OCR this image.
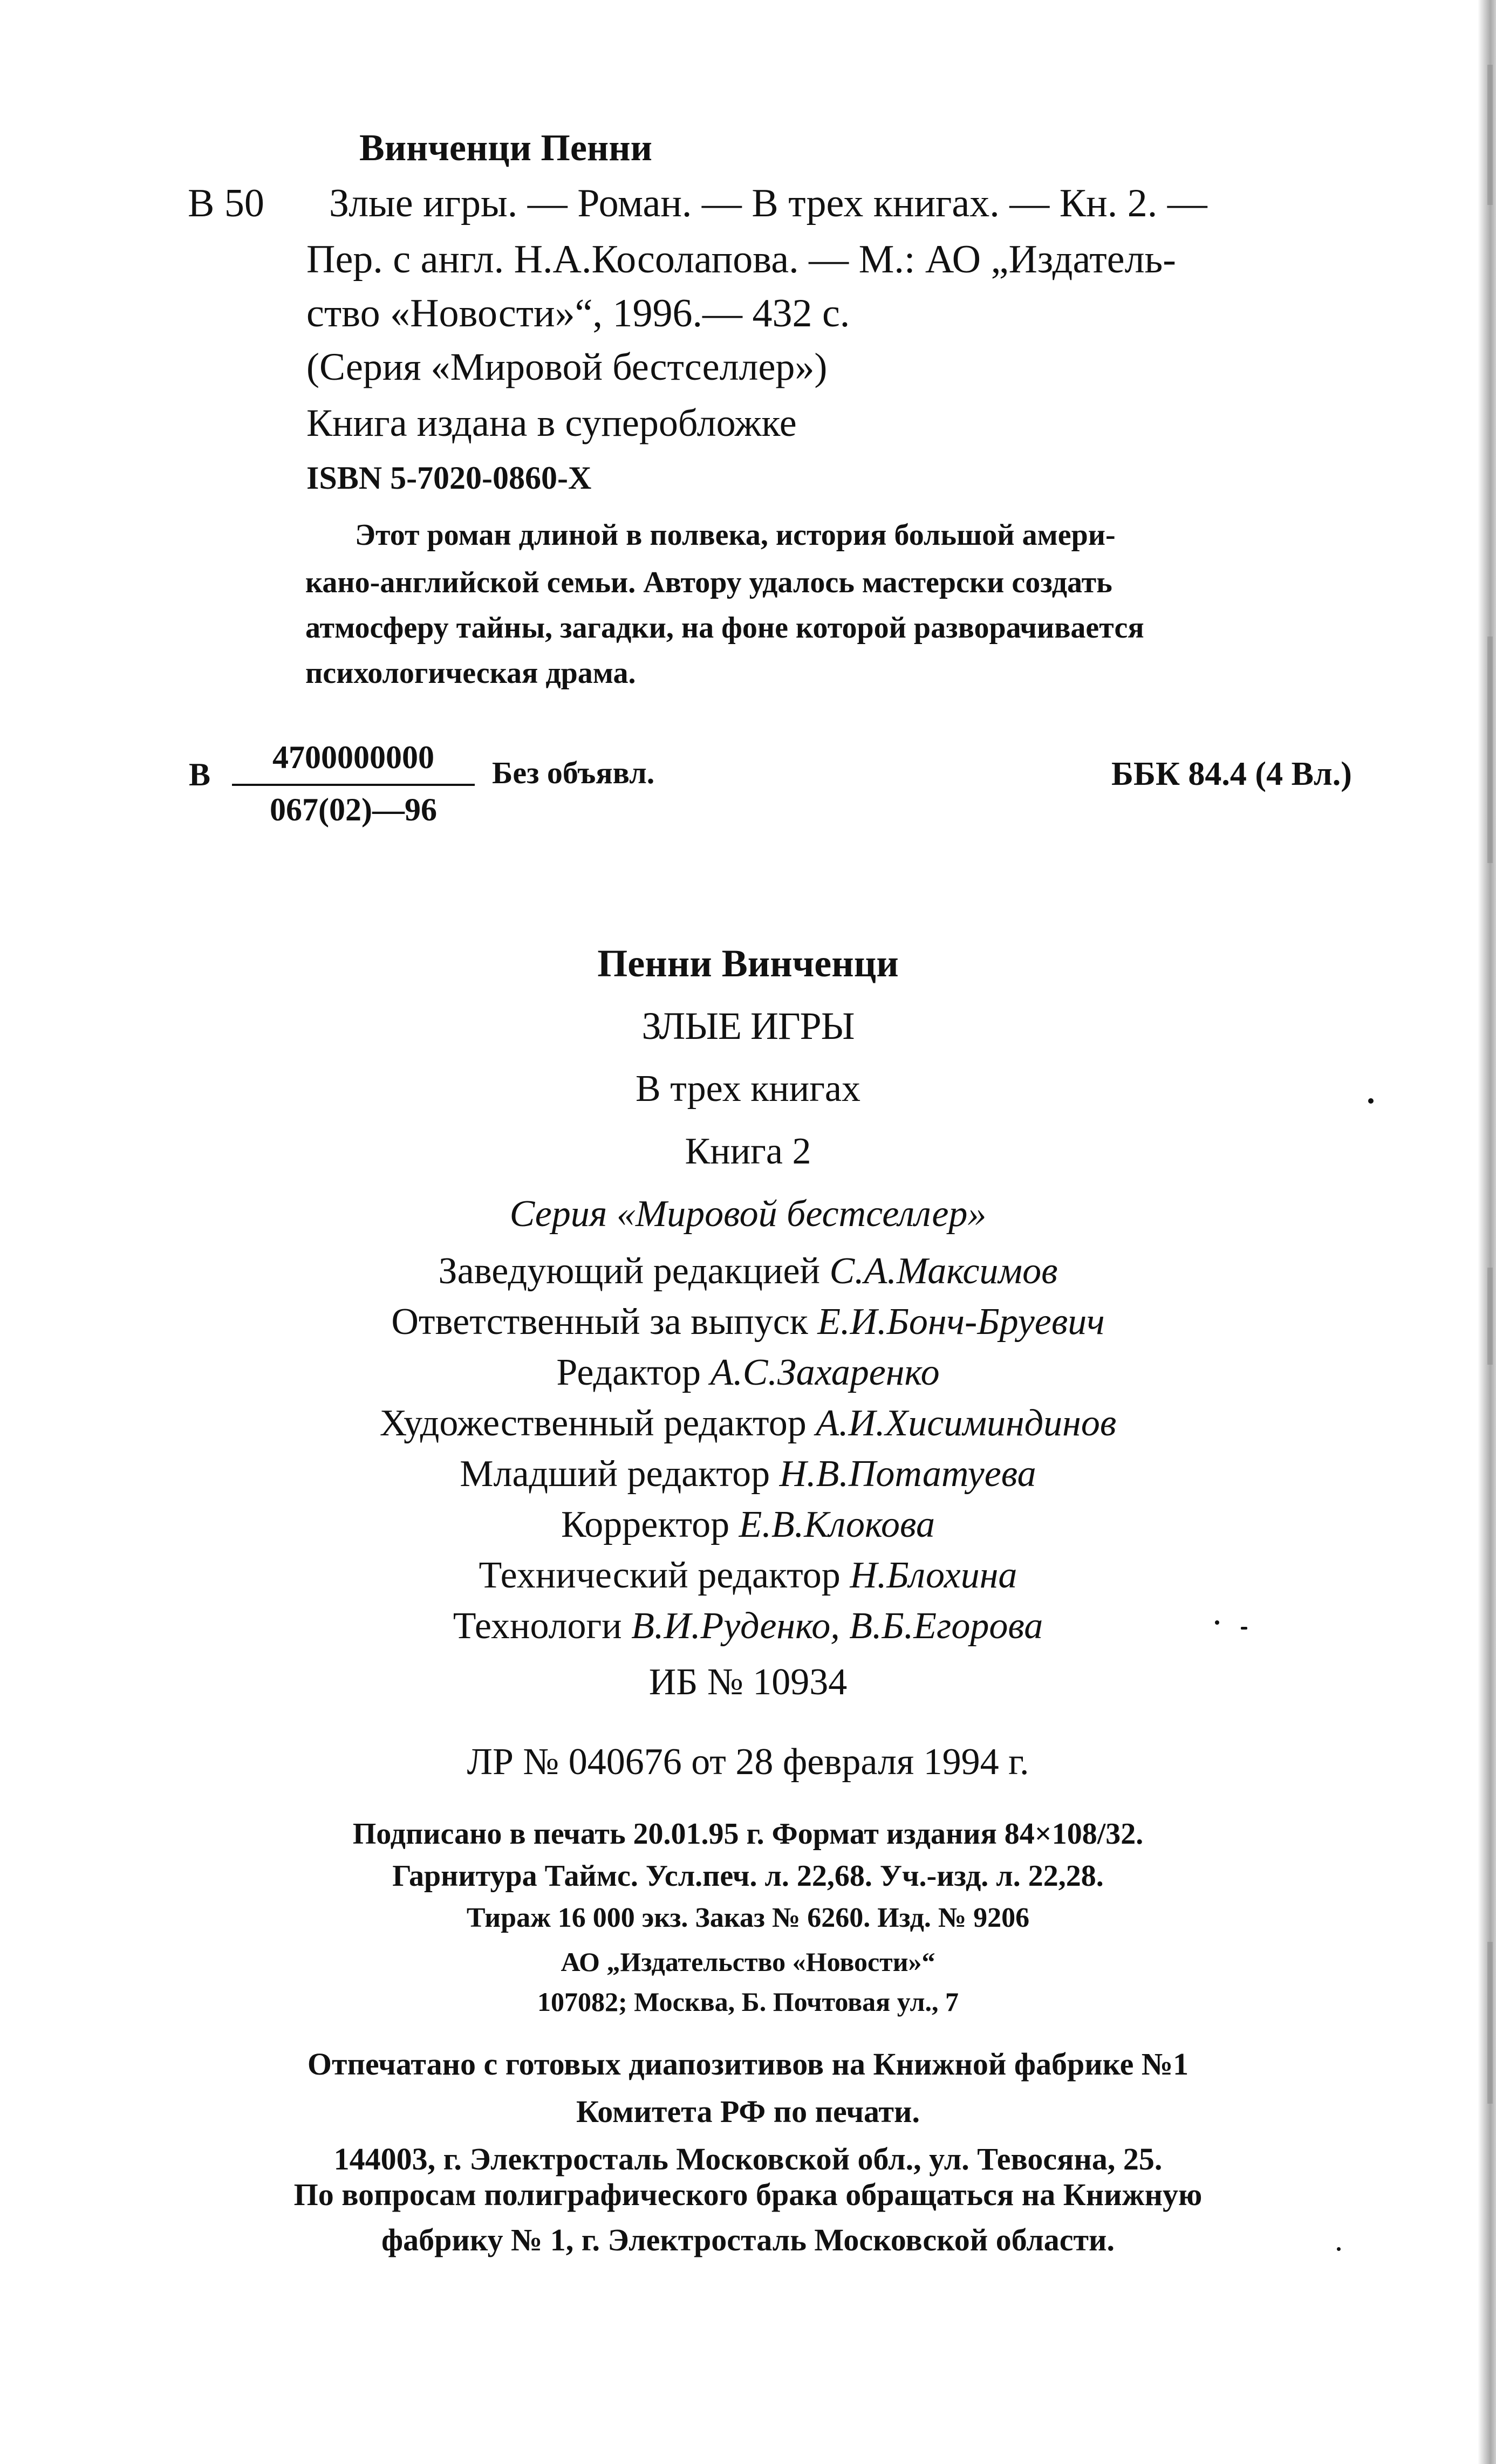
Винченци Пенни
В 50 Злые игры. — Роман. — В трех книгах. — Кн. 2. —
Пер. с англ. Н.А.Косолапова. — М.: АО „Издатель-
ство «Новости»“, 1996.— 432 с.
(Серия «Мировой бестселлер»)
Книга издана в суперобложке
ISBN 5-7020-0860-X
Этот роман длиной в полвека, история большой амери-
кано-английской семьи. Автору удалось мастерски создать
атмосферу тайны, загадки, на фоне которой разворачивается
психологическая драма.
В $\frac{4700000000}{067(02)—96}$ Без объявл.	ББК 84.4 (4 Вл.)
Пенни Винченци
ЗЛЫЕ ИГРЫ
В трех книгах
Книга 2
Серия «Мировой бестселлер»
Заведующий редакцией С.А.Максимов
Ответственный за выпуск Е.И.Бонч-Бруевич
Редактор А.С.Захаренко
Художественный редактор А.И.Хисиминдинов
Младший редактор Н.В.Потатуева
Корректор Е.В.Клокова
Технический редактор Н.Блохина
Технологи В.И.Руденко, В.Б.Егорова
ИБ № 10934
ЛР № 040676 от 28 февраля 1994 г.
Подписано в печать 20.01.95 г. Формат издания 84×108/32.
Гарнитура Таймс. Усл.печ. л. 22,68. Уч.-изд. л. 22,28.
Тираж 16 000 экз. Заказ № 6260. Изд. № 9206
АО „Издательство «Новости»“
107082; Москва, Б. Почтовая ул., 7
Отпечатано с готовых диапозитивов на Книжной фабрике №1
Комитета РФ по печати.
144003, г. Электросталь Московской обл., ул. Тевосяна, 25.
По вопросам полиграфического брака обращаться на Книжную
фабрику № 1, г. Электросталь Московской области.
